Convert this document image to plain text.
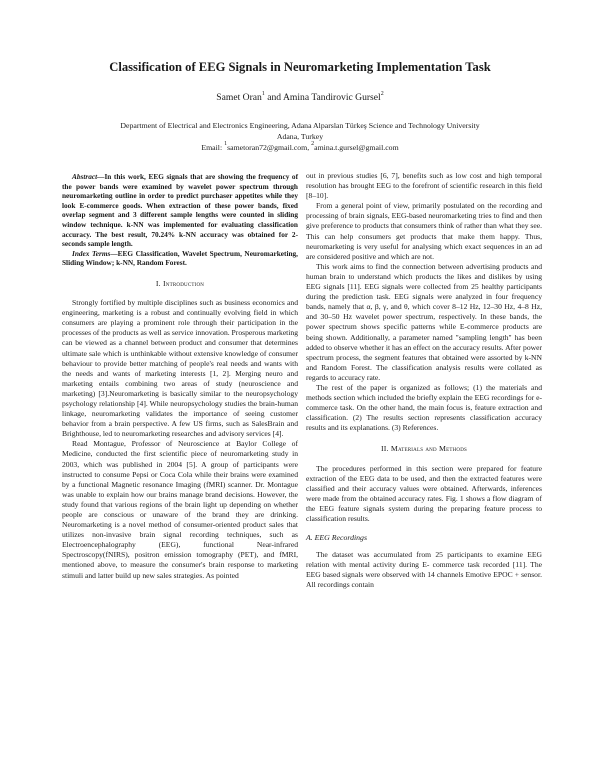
Classification of EEG Signals in Neuromarketing Implementation Task
Samet Oran$^1$ and Amina Tandirovic Gursel$^2$
Department of Electrical and Electronics Engineering, Adana Alparslan Türkeş Science and Technology University
Adana, Turkey
Email: $^1$sametoran72@gmail.com, $^2$amina.t.gursel@gmail.com

Abstract—In this work, EEG signals that are showing the frequency of the power bands were examined by wavelet power spectrum through neuromarketing outline in order to predict purchaser appetites while they look E-commerce goods. When extraction of these power bands, fixed overlap segment and 3 different sample lengths were counted in sliding window technique. k-NN was implemented for evaluating classification accuracy. The best result, 70.24% k-NN accuracy was obtained for 2-seconds sample length.

Index Terms—EEG Classification, Wavelet Spectrum, Neuromarketing, Sliding Window; k-NN, Random Forest.

I. Introduction

Strongly fortified by multiple disciplines such as business economics and engineering, marketing is a robust and continually evolving field in which consumers are playing a prominent role through their participation in the processes of the products as well as service innovation. Prosperous marketing can be viewed as a channel between product and consumer that determines ultimate sale which is unthinkable without extensive knowledge of consumer behaviour to provide better matching of people's real needs and wants with the needs and wants of marketing interests [1, 2]. Merging neuro and marketing entails combining two areas of study (neuroscience and marketing) [3].Neuromarketing is basically similar to the neuropsychology psychology relationship [4]. While neuropsychology studies the brain-human linkage, neuromarketing validates the importance of seeing customer behavior from a brain perspective. A few US firms, such as SalesBrain and Brighthouse, led to neuromarketing researches and advisory services [4].

Read Montague, Professor of Neuroscience at Baylor College of Medicine, conducted the first scientific piece of neuromarketing study in 2003, which was published in 2004 [5]. A group of participants were instructed to consume Pepsi or Coca Cola while their brains were examined by a functional Magnetic resonance Imaging (fMRI) scanner. Dr. Montague was unable to explain how our brains manage brand decisions. However, the study found that various regions of the brain light up depending on whether people are conscious or unaware of the brand they are drinking. Neuromarketing is a novel method of consumer-oriented product sales that utilizes non-invasive brain signal recording techniques, such as Electroencephalography (EEG), functional Near-infrared Spectroscopy(fNIRS), positron emission tomography (PET), and fMRI, mentioned above, to measure the consumer's brain response to marketing stimuli and latter build up new sales strategies. As pointed

out in previous studies [6, 7], benefits such as low cost and high temporal resolution has brought EEG to the forefront of scientific research in this field [8–10].

From a general point of view, primarily postulated on the recording and processing of brain signals, EEG-based neuromarketing tries to find and then give preference to products that consumers think of rather than what they see. This can help consumers get products that make them happy. Thus, neuromarketing is very useful for analysing which exact sequences in an ad are considered positive and which are not.

This work aims to find the connection between advertising products and human brain to understand which products the likes and dislikes by using EEG signals [11]. EEG signals were collected from 25 healthy participants during the prediction task. EEG signals were analyzed in four frequency bands, namely that α, β, γ, and θ, which cover 8–12 Hz, 12–30 Hz, 4–8 Hz, and 30–50 Hz wavelet power spectrum, respectively. In these bands, the power spectrum shows specific patterns while E-commerce products are being shown. Additionally, a parameter named "sampling length" has been added to observe whether it has an effect on the accuracy results. After power spectrum process, the segment features that obtained were assorted by k-NN and Random Forest. The classification analysis results were collated as regards to accuracy rate.

The rest of the paper is organized as follows; (1) the materials and methods section which included the briefly explain the EEG recordings for e-commerce task. On the other hand, the main focus is, feature extraction and classification. (2) The results section represents classification accuracy results and its explanations. (3) References.

II. Materials and Methods

The procedures performed in this section were prepared for feature extraction of the EEG data to be used, and then the extracted features were classified and their accuracy values were obtained. Afterwards, inferences were made from the obtained accuracy rates. Fig. 1 shows a flow diagram of the EEG feature signals system during the preparing feature process to classification results.

A. EEG Recordings

The dataset was accumulated from 25 participants to examine EEG relation with mental activity during E- commerce task recorded [11]. The EEG based signals were observed with 14 channels Emotive EPOC + sensor. All recordings contain
